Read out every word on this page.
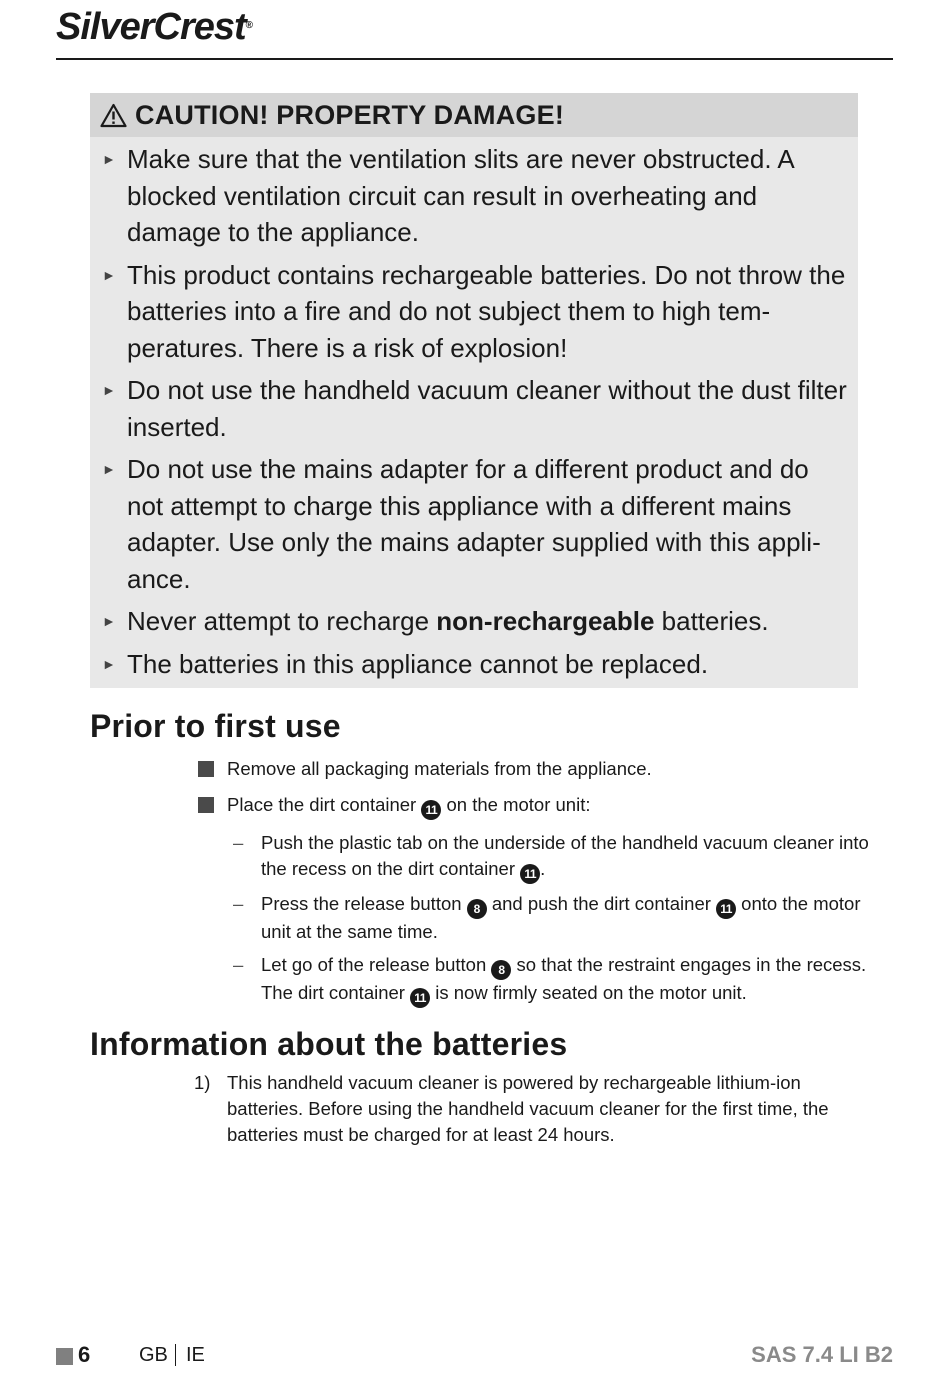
SilverCrest®
CAUTION! PROPERTY DAMAGE!
► Make sure that the ventilation slits are never obstructed. A blocked ventilation circuit can result in overheating and damage to the appliance.
► This product contains rechargeable batteries. Do not throw the batteries into a fire and do not subject them to high tem-peratures. There is a risk of explosion!
► Do not use the handheld vacuum cleaner without the dust filter inserted.
► Do not use the mains adapter for a different product and do not attempt to charge this appliance with a different mains adapter. Use only the mains adapter supplied with this appli-ance.
► Never attempt to recharge non-rechargeable batteries.
► The batteries in this appliance cannot be replaced.
Prior to first use
Remove all packaging materials from the appliance.
Place the dirt container 11 on the motor unit:
– Push the plastic tab on the underside of the handheld vacuum cleaner into the recess on the dirt container 11 .
– Press the release button 8 and push the dirt container 11 onto the motor unit at the same time.
– Let go of the release button 8 so that the restraint engages in the recess. The dirt container 11 is now firmly seated on the motor unit.
Information about the batteries
1) This handheld vacuum cleaner is powered by rechargeable lithium-ion batteries. Before using the handheld vacuum cleaner for the first time, the batteries must be charged for at least 24 hours.
6 GB IE	SAS 7.4 LI B2
